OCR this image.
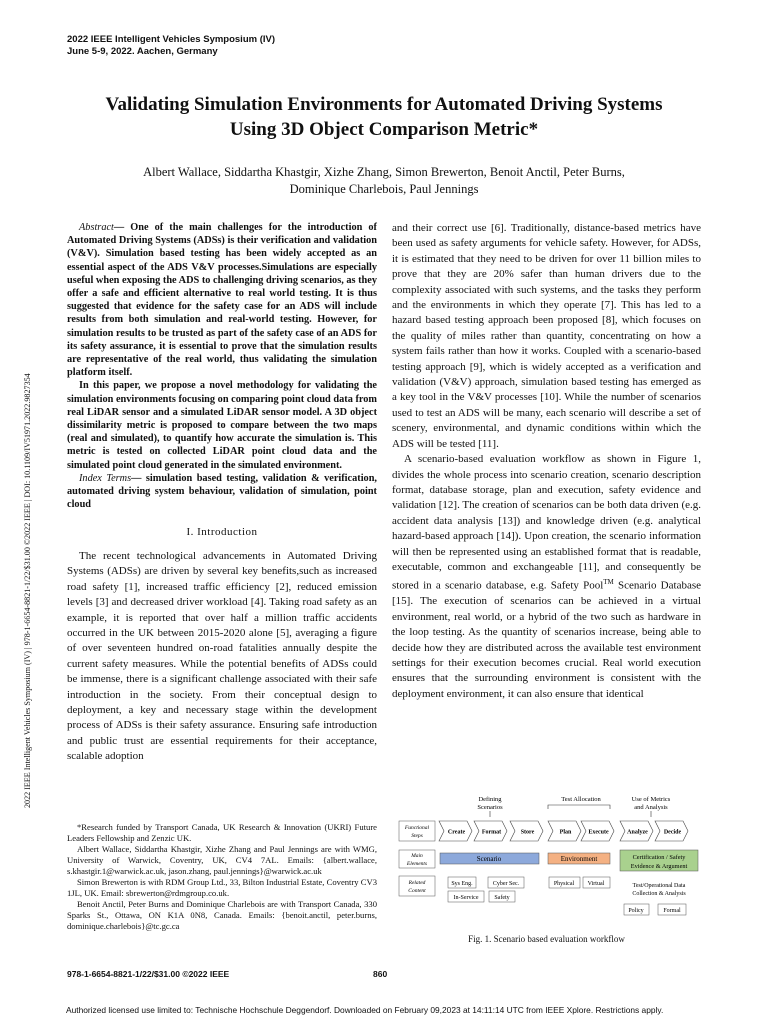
2022 IEEE Intelligent Vehicles Symposium (IV)
June 5-9, 2022. Aachen, Germany
Validating Simulation Environments for Automated Driving Systems
Using 3D Object Comparison Metric*
Albert Wallace, Siddartha Khastgir, Xizhe Zhang, Simon Brewerton, Benoit Anctil, Peter Burns,
Dominique Charlebois, Paul Jennings
2022 IEEE Intelligent Vehicles Symposium (IV) | 978-1-6654-8821-1/22/$31.00 ©2022 IEEE | DOI: 10.1109/IV51971.2022.9827354

Abstract— One of the main challenges for the introduction of Automated Driving Systems (ADSs) is their verification and validation (V&V). Simulation based testing has been widely accepted as an essential aspect of the ADS V&V processes.Simulations are especially useful when exposing the ADS to challenging driving scenarios, as they offer a safe and efficient alternative to real world testing. It is thus suggested that evidence for the safety case for an ADS will include results from both simulation and real-world testing. However, for simulation results to be trusted as part of the safety case of an ADS for its safety assurance, it is essential to prove that the simulation results are representative of the real world, thus validating the simulation platform itself.

In this paper, we propose a novel methodology for validating the simulation environments focusing on comparing point cloud data from real LiDAR sensor and a simulated LiDAR sensor model. A 3D object dissimilarity metric is proposed to compare between the two maps (real and simulated), to quantify how accurate the simulation is. This metric is tested on collected LiDAR point cloud data and the simulated point cloud generated in the simulated environment.

Index Terms— simulation based testing, validation & verification, automated driving system behaviour, validation of simulation, point cloud

I. Introduction

The recent technological advancements in Automated Driving Systems (ADSs) are driven by several key benefits,such as increased road safety [1], increased traffic efficiency [2], reduced emission levels [3] and decreased driver workload [4]. Taking road safety as an example, it is reported that over half a million traffic accidents occurred in the UK between 2015-2020 alone [5], averaging a figure of over seventeen hundred on-road fatalities annually despite the current safety measures. While the potential benefits of ADSs could be immense, there is a significant challenge associated with their safe introduction in the society. From their conceptual design to deployment, a key and necessary stage within the development process of ADSs is their safety assurance. Ensuring safe introduction and public trust are essential requirements for their acceptance, scalable adoption

*Research funded by Transport Canada, UK Research & Innovation (UKRI) Future Leaders Fellowship and Zenzic UK.

Albert Wallace, Siddartha Khastgir, Xizhe Zhang and Paul Jennings are with WMG, University of Warwick, Coventry, UK, CV4 7AL. Emails: {albert.wallace, s.khastgir.1@warwick.ac.uk, jason.zhang, paul.jennings}@warwick.ac.uk

Simon Brewerton is with RDM Group Ltd., 33, Bilton Industrial Estate, Coventry CV3 1JL, UK. Email: sbrewerton@rdmgroup.co.uk.

Benoit Anctil, Peter Burns and Dominique Charlebois are with Transport Canada, 330 Sparks St., Ottawa, ON K1A 0N8, Canada. Emails: {benoit.anctil, peter.burns, dominique.charlebois}@tc.gc.ca

and their correct use [6]. Traditionally, distance-based metrics have been used as safety arguments for vehicle safety. However, for ADSs, it is estimated that they need to be driven for over 11 billion miles to prove that they are 20% safer than human drivers due to the complexity associated with such systems, and the tasks they perform and the environments in which they operate [7]. This has led to a hazard based testing approach been proposed [8], which focuses on the quality of miles rather than quantity, concentrating on how a system fails rather than how it works. Coupled with a scenario-based testing approach [9], which is widely accepted as a verification and validation (V&V) approach, simulation based testing has emerged as a key tool in the V&V processes [10]. While the number of scenarios used to test an ADS will be many, each scenario will describe a set of scenery, environmental, and dynamic conditions within which the ADS will be tested [11].

A scenario-based evaluation workflow as shown in Figure 1, divides the whole process into scenario creation, scenario description format, database storage, plan and execution, safety evidence and validation [12]. The creation of scenarios can be both data driven (e.g. accident data analysis [13]) and knowledge driven (e.g. analytical hazard-based approach [14]). Upon creation, the scenario information will then be represented using an established format that is readable, executable, common and exchangeable [11], and consequently be stored in a scenario database, e.g. Safety Pool™ Scenario Database [15]. The execution of scenarios can be achieved in a virtual environment, real world, or a hybrid of the two such as hardware in the loop testing. As the quantity of scenarios increase, being able to decide how they are distributed across the available test environment settings for their execution becomes crucial. Real world execution ensures that the surrounding environment is consistent with the deployment environment, it can also ensure that identical

Defining
Scenarios
Test Allocation	Use of Metrics
and Analysis
Functional
Steps
Main
Elements
Related
Content
Create	Format	Store	Plan	Execute	Analyze	Decide
Scenario	Environment	Certification / Safety
Evidence & Argument
Sys Eng.	Cyber Sec.
In-Service	Safety
Physical Virtual	Test/Operational Data
Collection & Analysis
Policy	Formal
Fig. 1. Scenario based evaluation workflow
978-1-6654-8821-1/22/$31.00 ©2022 IEEE	860
Authorized licensed use limited to: Technische Hochschule Deggendorf. Downloaded on February 09,2023 at 14:11:14 UTC from IEEE Xplore. Restrictions apply.
